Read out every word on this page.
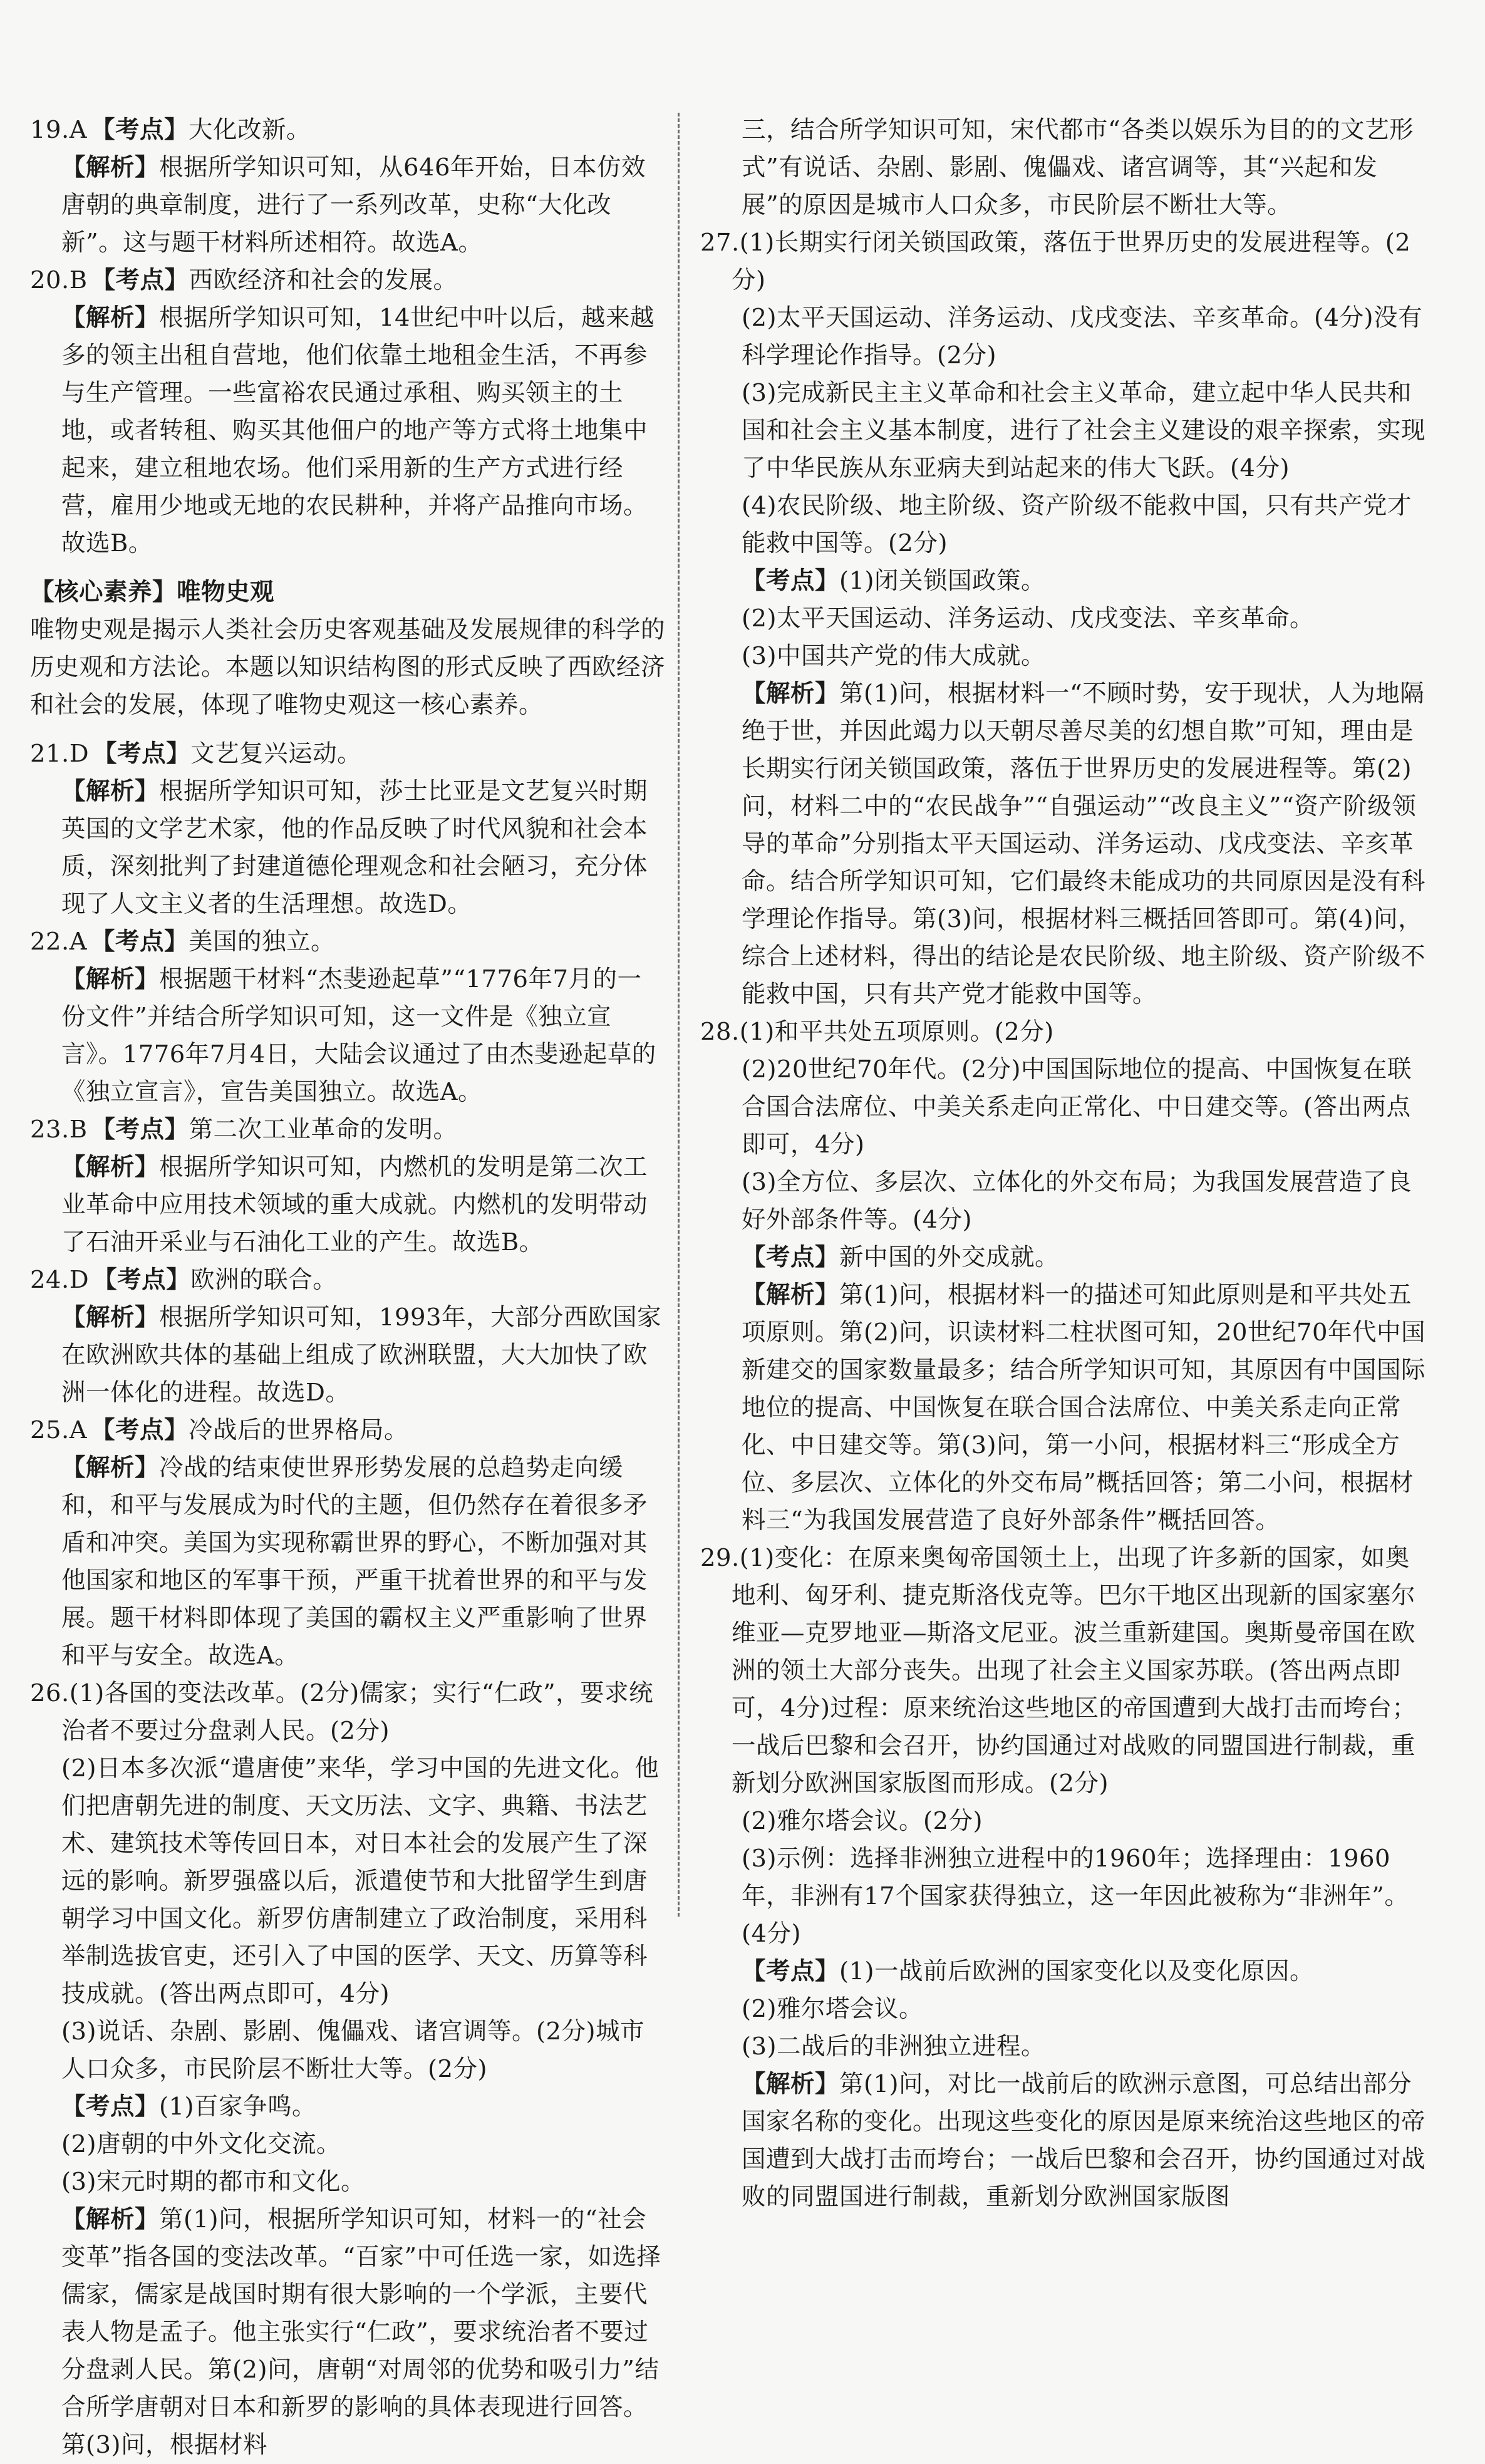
19.A 【考点】大化改新。

【解析】根据所学知识可知，从646年开始，日本仿效唐朝的典章制度，进行了一系列改革，史称“大化改新”。这与题干材料所述相符。故选A。

20.B 【考点】西欧经济和社会的发展。

【解析】根据所学知识可知，14世纪中叶以后，越来越多的领主出租自营地，他们依靠土地租金生活，不再参与生产管理。一些富裕农民通过承租、购买领主的土地，或者转租、购买其他佃户的地产等方式将土地集中起来，建立租地农场。他们采用新的生产方式进行经营，雇用少地或无地的农民耕种，并将产品推向市场。故选B。

【核心素养】唯物史观

唯物史观是揭示人类社会历史客观基础及发展规律的科学的历史观和方法论。本题以知识结构图的形式反映了西欧经济和社会的发展，体现了唯物史观这一核心素养。

21.D 【考点】文艺复兴运动。

【解析】根据所学知识可知，莎士比亚是文艺复兴时期英国的文学艺术家，他的作品反映了时代风貌和社会本质，深刻批判了封建道德伦理观念和社会陋习，充分体现了人文主义者的生活理想。故选D。

22.A 【考点】美国的独立。

【解析】根据题干材料“杰斐逊起草”“1776年7月的一份文件”并结合所学知识可知，这一文件是《独立宣言》。1776年7月4日，大陆会议通过了由杰斐逊起草的《独立宣言》，宣告美国独立。故选A。

23.B 【考点】第二次工业革命的发明。

【解析】根据所学知识可知，内燃机的发明是第二次工业革命中应用技术领域的重大成就。内燃机的发明带动了石油开采业与石油化工业的产生。故选B。

24.D 【考点】欧洲的联合。

【解析】根据所学知识可知，1993年，大部分西欧国家在欧洲欧共体的基础上组成了欧洲联盟，大大加快了欧洲一体化的进程。故选D。

25.A 【考点】冷战后的世界格局。

【解析】冷战的结束使世界形势发展的总趋势走向缓和，和平与发展成为时代的主题，但仍然存在着很多矛盾和冲突。美国为实现称霸世界的野心，不断加强对其他国家和地区的军事干预，严重干扰着世界的和平与发展。题干材料即体现了美国的霸权主义严重影响了世界和平与安全。故选A。

26.(1)各国的变法改革。(2分)儒家；实行“仁政”，要求统治者不要过分盘剥人民。(2分)

(2)日本多次派“遣唐使”来华，学习中国的先进文化。他们把唐朝先进的制度、天文历法、文字、典籍、书法艺术、建筑技术等传回日本，对日本社会的发展产生了深远的影响。新罗强盛以后，派遣使节和大批留学生到唐朝学习中国文化。新罗仿唐制建立了政治制度，采用科举制选拔官吏，还引入了中国的医学、天文、历算等科技成就。(答出两点即可，4分)

(3)说话、杂剧、影剧、傀儡戏、诸宫调等。(2分)城市人口众多，市民阶层不断壮大等。(2分)

【考点】(1)百家争鸣。

(2)唐朝的中外文化交流。

(3)宋元时期的都市和文化。

【解析】第(1)问，根据所学知识可知，材料一的“社会变革”指各国的变法改革。“百家”中可任选一家，如选择儒家，儒家是战国时期有很大影响的一个学派，主要代表人物是孟子。他主张实行“仁政”，要求统治者不要过分盘剥人民。第(2)问，唐朝“对周邻的优势和吸引力”结合所学唐朝对日本和新罗的影响的具体表现进行回答。第(3)问，根据材料

三，结合所学知识可知，宋代都市“各类以娱乐为目的的文艺形式”有说话、杂剧、影剧、傀儡戏、诸宫调等，其“兴起和发展”的原因是城市人口众多，市民阶层不断壮大等。

27.(1)长期实行闭关锁国政策，落伍于世界历史的发展进程等。(2分)

(2)太平天国运动、洋务运动、戊戌变法、辛亥革命。(4分)没有科学理论作指导。(2分)

(3)完成新民主主义革命和社会主义革命，建立起中华人民共和国和社会主义基本制度，进行了社会主义建设的艰辛探索，实现了中华民族从东亚病夫到站起来的伟大飞跃。(4分)

(4)农民阶级、地主阶级、资产阶级不能救中国，只有共产党才能救中国等。(2分)

【考点】(1)闭关锁国政策。

(2)太平天国运动、洋务运动、戊戌变法、辛亥革命。

(3)中国共产党的伟大成就。

【解析】第(1)问，根据材料一“不顾时势，安于现状，人为地隔绝于世，并因此竭力以天朝尽善尽美的幻想自欺”可知，理由是长期实行闭关锁国政策，落伍于世界历史的发展进程等。第(2)问，材料二中的“农民战争”“自强运动”“改良主义”“资产阶级领导的革命”分别指太平天国运动、洋务运动、戊戌变法、辛亥革命。结合所学知识可知，它们最终未能成功的共同原因是没有科学理论作指导。第(3)问，根据材料三概括回答即可。第(4)问，综合上述材料，得出的结论是农民阶级、地主阶级、资产阶级不能救中国，只有共产党才能救中国等。

28.(1)和平共处五项原则。(2分)

(2)20世纪70年代。(2分)中国国际地位的提高、中国恢复在联合国合法席位、中美关系走向正常化、中日建交等。(答出两点即可，4分)

(3)全方位、多层次、立体化的外交布局；为我国发展营造了良好外部条件等。(4分)

【考点】新中国的外交成就。

【解析】第(1)问，根据材料一的描述可知此原则是和平共处五项原则。第(2)问，识读材料二柱状图可知，20世纪70年代中国新建交的国家数量最多；结合所学知识可知，其原因有中国国际地位的提高、中国恢复在联合国合法席位、中美关系走向正常化、中日建交等。第(3)问，第一小问，根据材料三“形成全方位、多层次、立体化的外交布局”概括回答；第二小问，根据材料三“为我国发展营造了良好外部条件”概括回答。

29.(1)变化：在原来奥匈帝国领土上，出现了许多新的国家，如奥地利、匈牙利、捷克斯洛伐克等。巴尔干地区出现新的国家塞尔维亚—克罗地亚—斯洛文尼亚。波兰重新建国。奥斯曼帝国在欧洲的领土大部分丧失。出现了社会主义国家苏联。(答出两点即可，4分)过程：原来统治这些地区的帝国遭到大战打击而垮台；一战后巴黎和会召开，协约国通过对战败的同盟国进行制裁，重新划分欧洲国家版图而形成。(2分)

(2)雅尔塔会议。(2分)

(3)示例：选择非洲独立进程中的1960年；选择理由：1960年，非洲有17个国家获得独立，这一年因此被称为“非洲年”。(4分)

【考点】(1)一战前后欧洲的国家变化以及变化原因。

(2)雅尔塔会议。

(3)二战后的非洲独立进程。

【解析】第(1)问，对比一战前后的欧洲示意图，可总结出部分国家名称的变化。出现这些变化的原因是原来统治这些地区的帝国遭到大战打击而垮台；一战后巴黎和会召开，协约国通过对战败的同盟国进行制裁，重新划分欧洲国家版图
